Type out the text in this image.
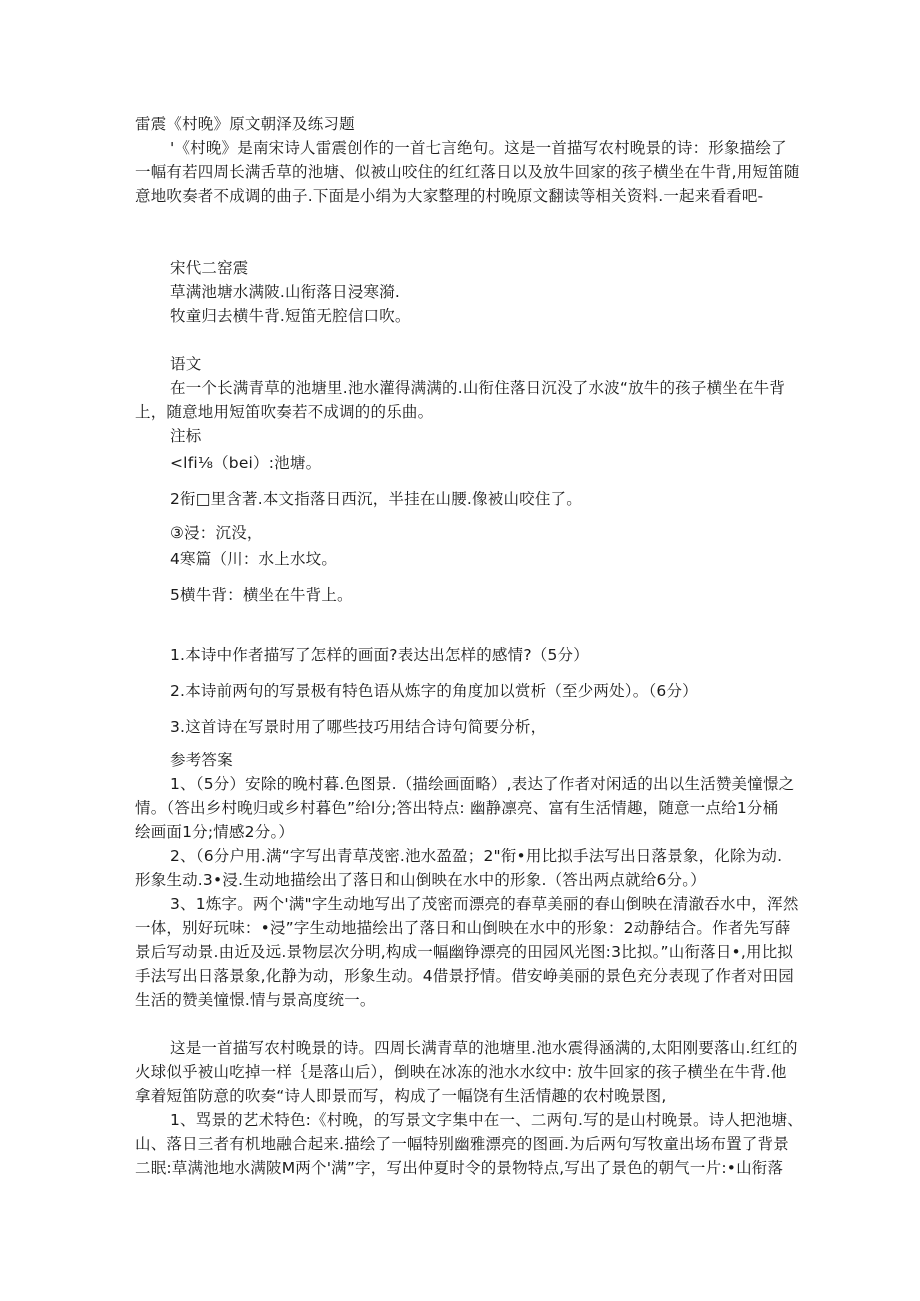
雷震《村晚》原文朝泽及练习题
'《村晚》是南宋诗人雷震创作的一首七言绝句。这是一首描写农村晚景的诗：形象描绘了
一幅有若四周长满舌草的池塘、似被山咬住的红红落日以及放牛回家的孩子横坐在牛背,用短笛随
意地吹奏者不成调的曲子.下面是小绢为大家整理的村晚原文翻读等相关资料.一起来看看吧-
宋代二窑震
草满池塘水满陂.山衔落日浸寒漪.
牧童归去横牛背.短笛无腔信口吹。
语文
在一个长满青草的池塘里.池水灌得满满的.山衔住落日沉没了水波“放牛的孩子横坐在牛背
上，随意地用短笛吹奏若不成调的的乐曲。
注标
<lfi⅛（bei）:池塘。
2衔□里含著.本文指落日西沉，半挂在山腰.像被山咬住了。
③浸：沉没，
4寒篇（川：水上水坟。
5横牛背：横坐在牛背上。
1.本诗中作者描写了怎样的画面?表达出怎样的感情?（5分）
2.本诗前两句的写景极有特色语从炼字的角度加以赏析（至少两处）。（6分）
3.这首诗在写景时用了哪些技巧用结合诗句简要分析，
参考答案
1、（5分）安除的晚村暮.色图景.（描绘画面略）,表达了作者对闲适的出以生活赞美憧憬之
情。（答出乡村晚归或乡村暮色”给l分;答出特点: 幽静凛亮、富有生活情趣，随意一点给1分桶
绘画面1分;情感2分。）
2、（6分户用.满“字写出青草茂密.池水盈盈；2"衔•用比拟手法写出日落景象，化除为动.
形象生动.3•浸.生动地描绘出了落日和山倒映在水中的形象.（答出两点就给6分。）
3、1炼字。两个'满"字生动地写出了茂密而漂亮的春草美丽的春山倒映在清澈吞水中，浑然
一体，别好玩味：•浸”字生动地描绘出了落日和山倒映在水中的形象：2动静结合。作者先写薛
景后写动景.由近及远.景物层次分明,构成一幅幽铮漂亮的田园风光图:3比拟。”山衔落日•,用比拟
手法写出日落景象,化静为动，形象生动。4借景抒情。借安峥美丽的景色充分表现了作者对田园
生活的赞美憧憬.情与景高度统一。
这是一首描写农村晚景的诗。四周长满青草的池塘里.池水震得涵满的,太阳刚要落山.红红的
火球似乎被山吃掉一样｛是落山后），倒映在冰冻的池水水纹中: 放牛回家的孩子横坐在牛背.他
拿着短笛防意的吹奏“诗人即景而写，构成了一幅饶有生活情趣的农村晚景图,
1、骂景的艺术特色:《村晚，的写景文字集中在一、二两句.写的是山村晚景。诗人把池塘、
山、落日三者有机地融合起来.描绘了一幅特别幽雅漂亮的图画.为后两句写牧童出场布置了背景
二眠:草满池地水满陂M两个'满”字，写出仲夏时令的景物特点,写出了景色的朝气一片:•山衔落
